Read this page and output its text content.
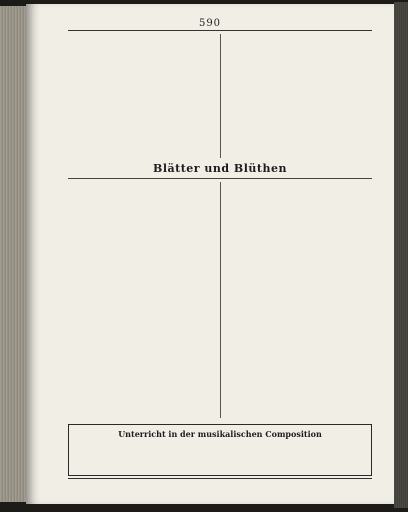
590
Blätter und Blüthen
Unterricht in der musikalischen Composition
